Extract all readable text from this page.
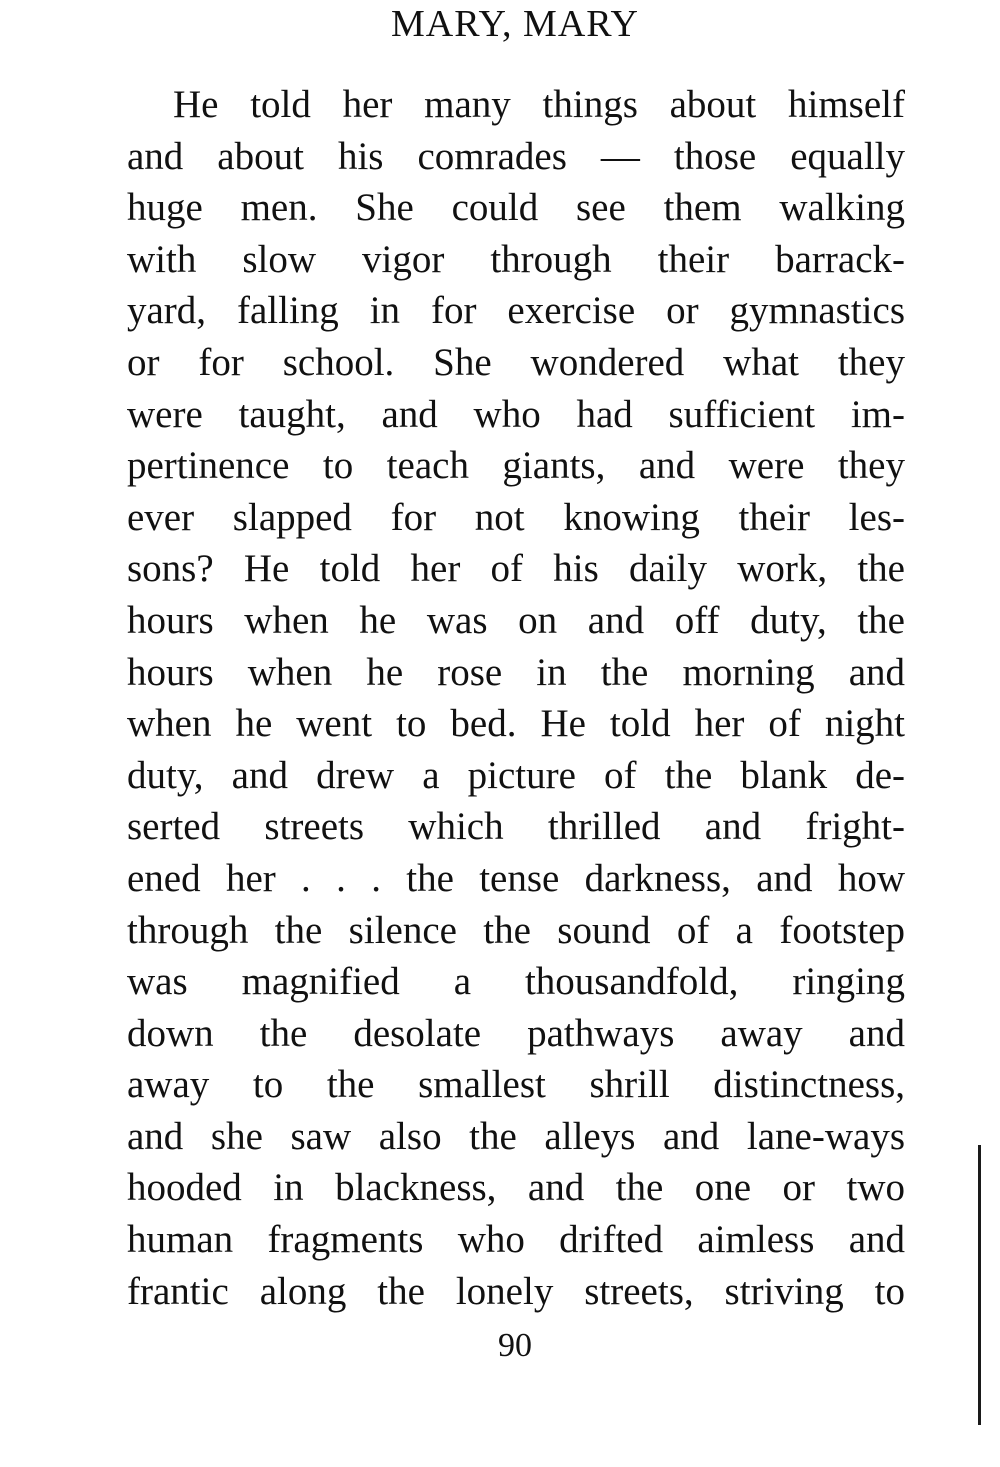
MARY, MARY
He told her many things about himself
and about his comrades — those equally
huge men. She could see them walking
with slow vigor through their barrack-
yard, falling in for exercise or gymnastics
or for school. She wondered what they
were taught, and who had sufficient im-
pertinence to teach giants, and were they
ever slapped for not knowing their les-
sons? He told her of his daily work, the
hours when he was on and off duty, the
hours when he rose in the morning and
when he went to bed. He told her of night
duty, and drew a picture of the blank de-
serted streets which thrilled and fright-
ened her . . . the tense darkness, and how
through the silence the sound of a footstep
was magnified a thousandfold, ringing
down the desolate pathways away and
away to the smallest shrill distinctness,
and she saw also the alleys and lane-ways
hooded in blackness, and the one or two
human fragments who drifted aimless and
frantic along the lonely streets, striving to
90
